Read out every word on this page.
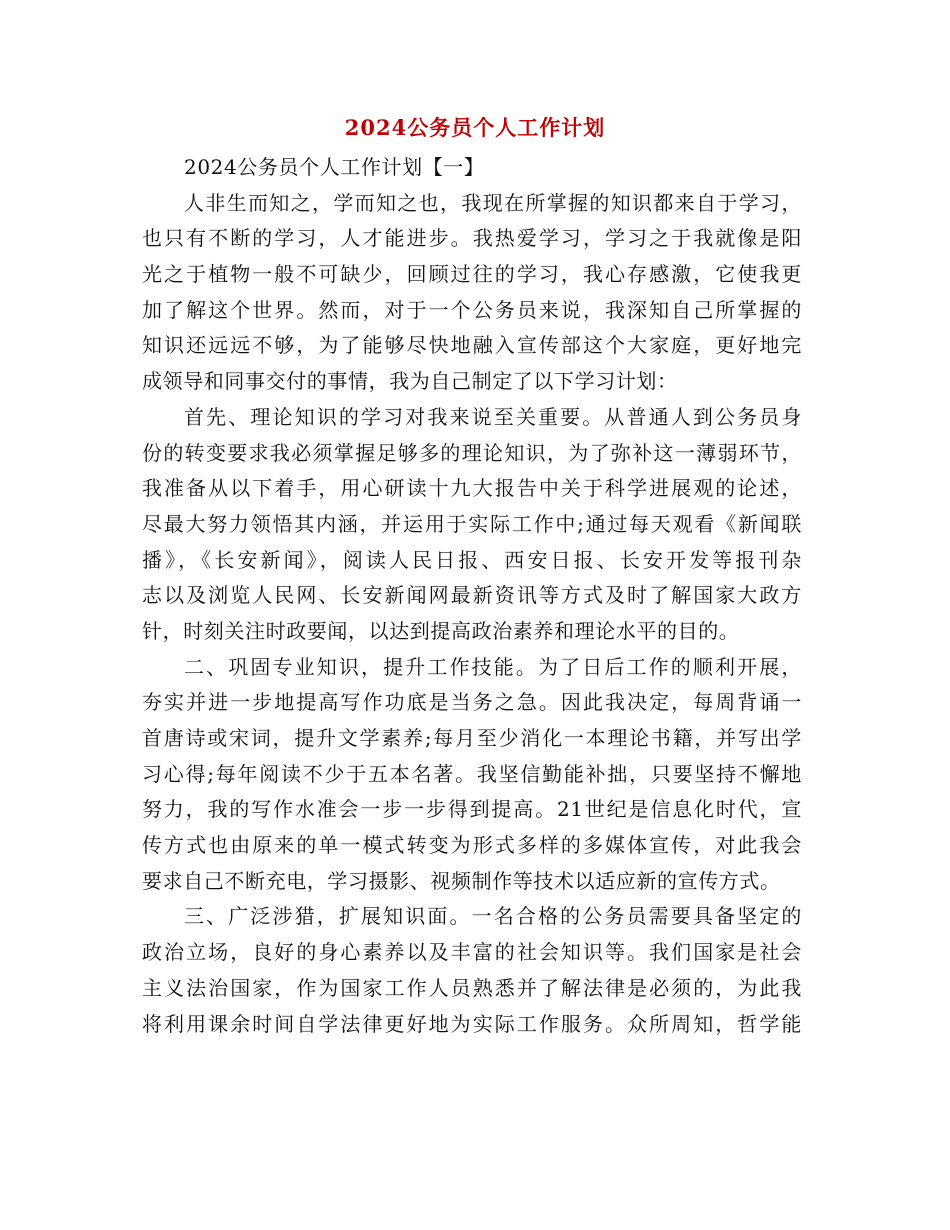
2024公务员个人工作计划
2024公务员个人工作计划【一】
人非生而知之，学而知之也，我现在所掌握的知识都来自于学习，
也只有不断的学习，人才能进步。我热爱学习，学习之于我就像是阳
光之于植物一般不可缺少，回顾过往的学习，我心存感激，它使我更
加了解这个世界。然而，对于一个公务员来说，我深知自己所掌握的
知识还远远不够，为了能够尽快地融入宣传部这个大家庭，更好地完
成领导和同事交付的事情，我为自己制定了以下学习计划：
首先、理论知识的学习对我来说至关重要。从普通人到公务员身
份的转变要求我必须掌握足够多的理论知识，为了弥补这一薄弱环节，
我准备从以下着手，用心研读十九大报告中关于科学进展观的论述，
尽最大努力领悟其内涵，并运用于实际工作中;通过每天观看《新闻联
播》，《长安新闻》，阅读人民日报、西安日报、长安开发等报刊杂
志以及浏览人民网、长安新闻网最新资讯等方式及时了解国家大政方
针，时刻关注时政要闻，以达到提高政治素养和理论水平的目的。
二、巩固专业知识，提升工作技能。为了日后工作的顺利开展，
夯实并进一步地提高写作功底是当务之急。因此我决定，每周背诵一
首唐诗或宋词，提升文学素养;每月至少消化一本理论书籍，并写出学
习心得;每年阅读不少于五本名著。我坚信勤能补拙，只要坚持不懈地
努力，我的写作水准会一步一步得到提高。21世纪是信息化时代，宣
传方式也由原来的单一模式转变为形式多样的多媒体宣传，对此我会
要求自己不断充电，学习摄影、视频制作等技术以适应新的宣传方式。
三、广泛涉猎，扩展知识面。一名合格的公务员需要具备坚定的
政治立场，良好的身心素养以及丰富的社会知识等。我们国家是社会
主义法治国家，作为国家工作人员熟悉并了解法律是必须的，为此我
将利用课余时间自学法律更好地为实际工作服务。众所周知，哲学能
